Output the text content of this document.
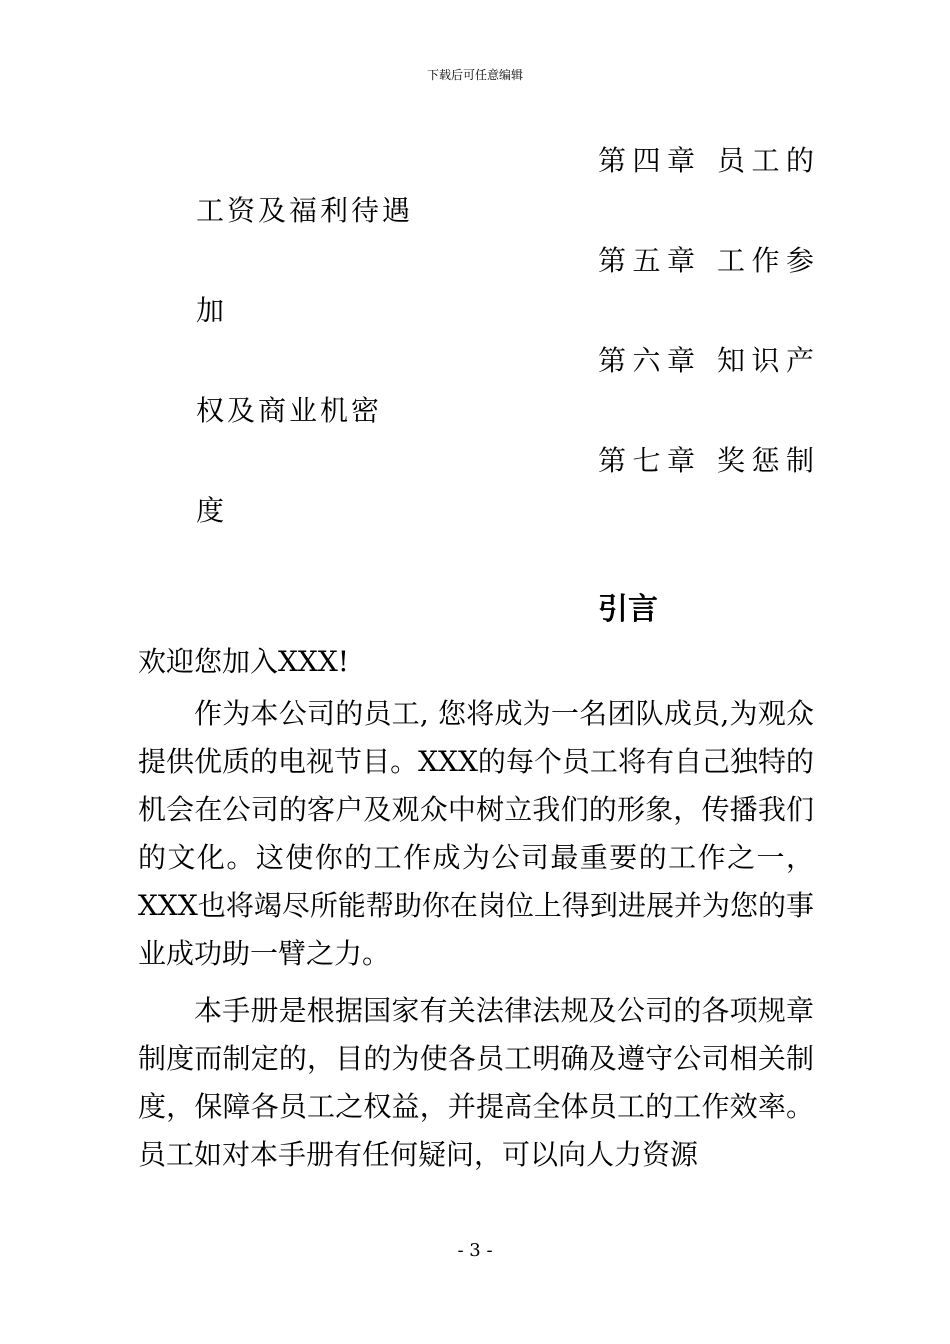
下载后可任意编辑
第四章 员工的
工资及福利待遇
第五章 工作参
加
第六章 知识产
权及商业机密
第七章 奖惩制
度
引言

欢迎您加入XXX!

作为本公司的员工, 您将成为一名团队成员,为观众提供优质的电视节目。XXX的每个员工将有自己独特的机会在公司的客户及观众中树立我们的形象，传播我们的文化。这使你的工作成为公司最重要的工作之一， XXX也将竭尽所能帮助你在岗位上得到进展并为您的事业成功助一臂之力。

本手册是根据国家有关法律法规及公司的各项规章制度而制定的，目的为使各员工明确及遵守公司相关制度，保障各员工之权益，并提高全体员工的工作效率。员工如对本手册有任何疑问，可以向人力资源

- 3 -
